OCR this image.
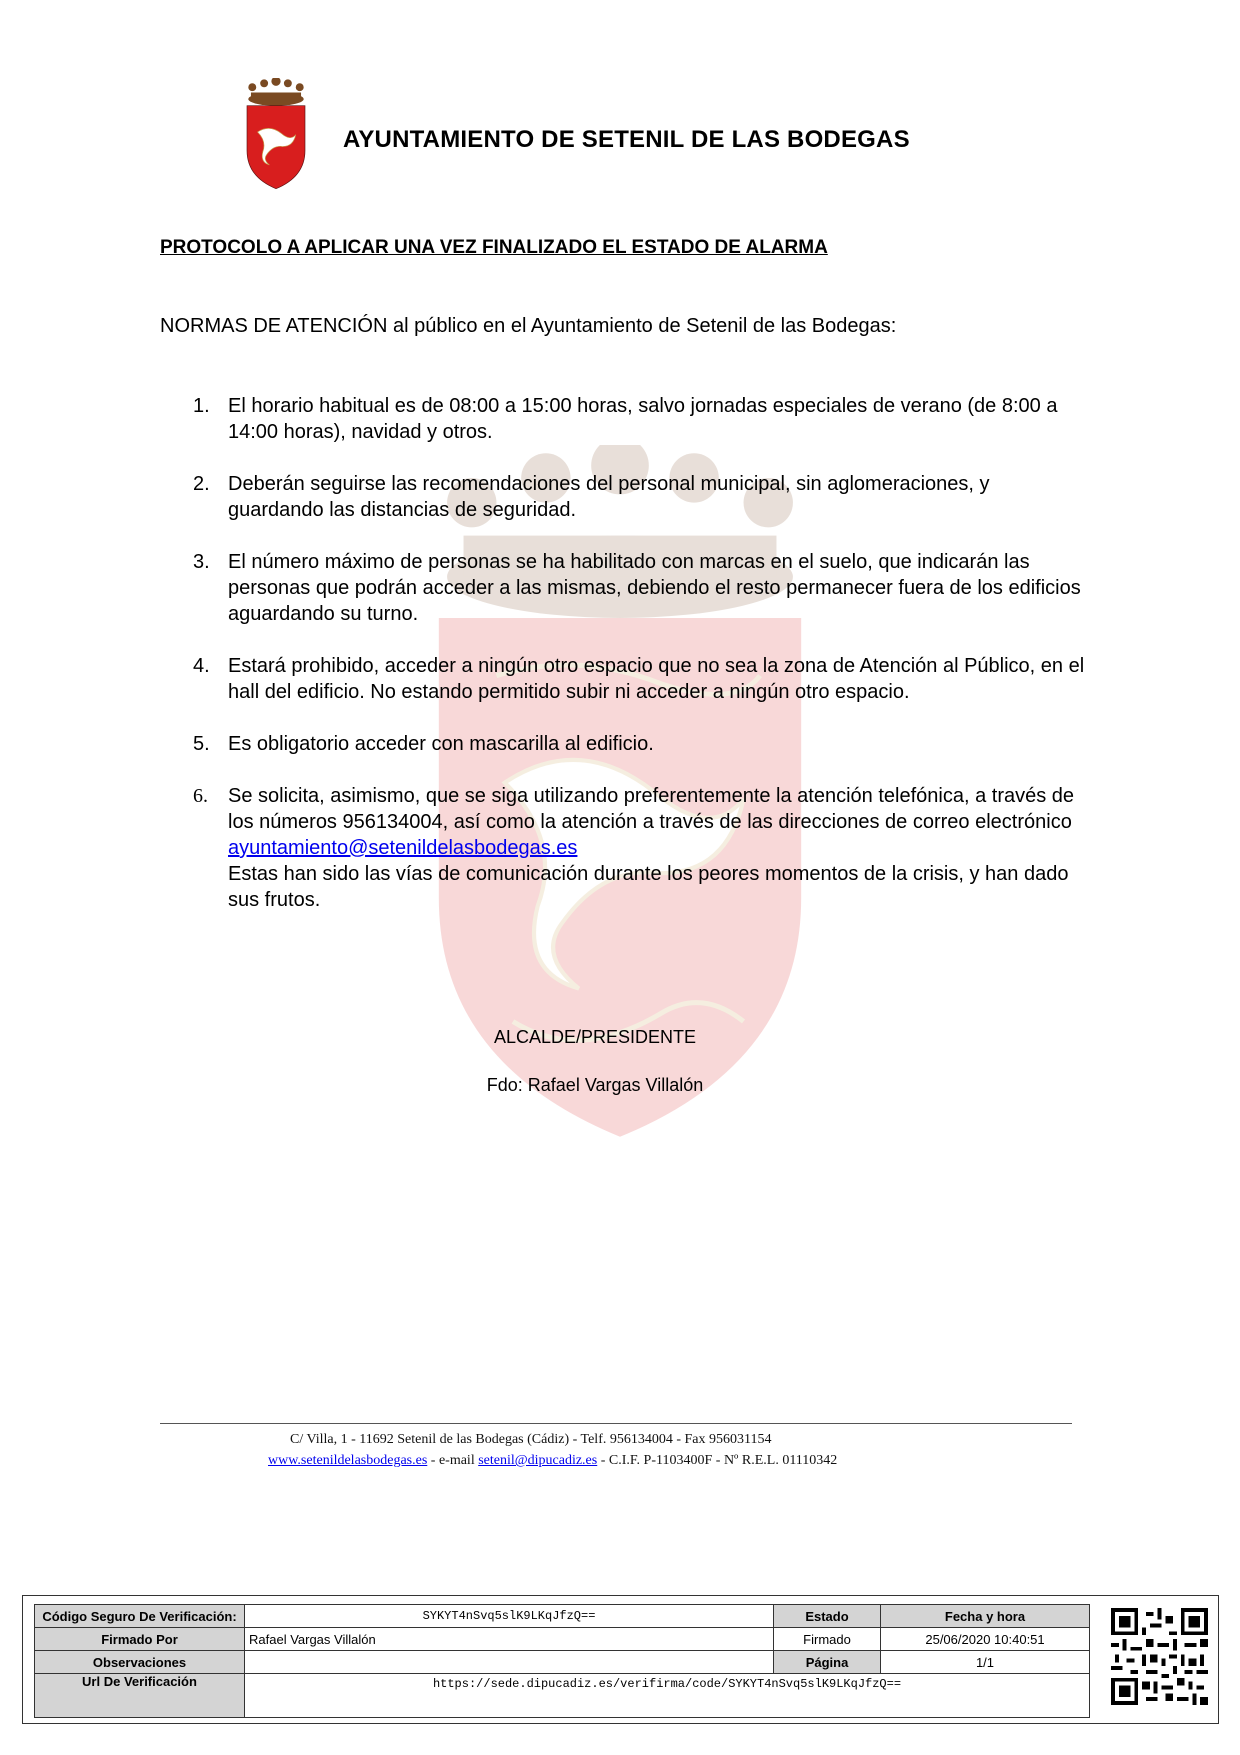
AYUNTAMIENTO DE SETENIL DE LAS BODEGAS
PROTOCOLO A APLICAR UNA VEZ FINALIZADO EL ESTADO DE ALARMA
NORMAS DE ATENCIÓN al público en el Ayuntamiento de Setenil de las Bodegas:
1. El horario habitual es de 08:00 a 15:00 horas, salvo jornadas especiales de verano (de 8:00 a 14:00 horas), navidad y otros.
2. Deberán seguirse las recomendaciones del personal municipal, sin aglomeraciones, y guardando las distancias de seguridad.
3. El número máximo de personas se ha habilitado con marcas en el suelo, que indicarán las personas que podrán acceder a las mismas, debiendo el resto permanecer fuera de los edificios aguardando su turno.
4. Estará prohibido, acceder a ningún otro espacio que no sea la zona de Atención al Público, en el hall del edificio. No estando permitido subir ni acceder a ningún otro espacio.
5. Es obligatorio acceder con mascarilla al edificio.
6. Se solicita, asimismo, que se siga utilizando preferentemente la atención telefónica, a través de los números 956134004, así como la atención a través de las direcciones de correo electrónico ayuntamiento@setenildelasbodegas.es
Estas han sido las vías de comunicación durante los peores momentos de la crisis, y han dado sus frutos.
ALCALDE/PRESIDENTE
Fdo: Rafael Vargas Villalón
C/ Villa, 1 - 11692 Setenil de las Bodegas (Cádiz) - Telf. 956134004 - Fax 956031154
www.setenildelasbodegas.es - e-mail setenil@dipucadiz.es - C.I.F. P-1103400F - Nº R.E.L. 01110342
Código Seguro De Verificación:	SYKYT4nSvq5slK9LKqJfzQ==	Estado	Fecha y hora
Firmado Por	Rafael Vargas Villalón	Firmado	25/06/2020 10:40:51
Observaciones		Página	1/1
Url De Verificación	https://sede.dipucadiz.es/verifirma/code/SYKYT4nSvq5slK9LKqJfzQ==		
